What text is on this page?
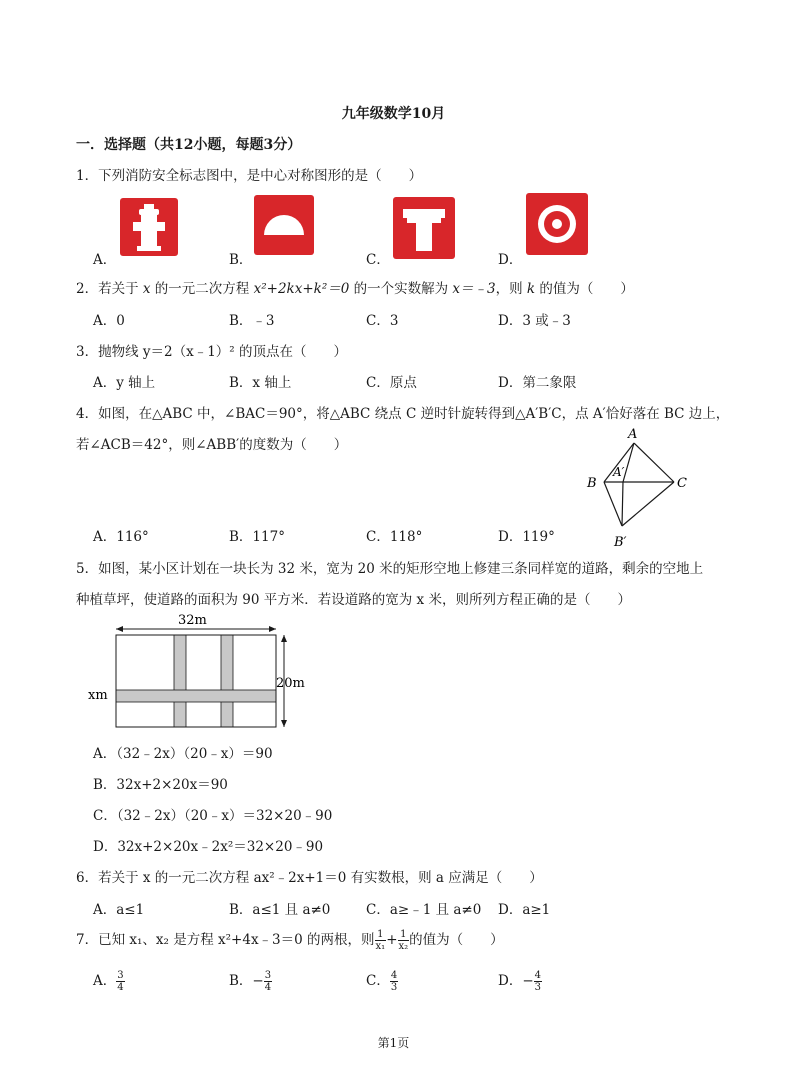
九年级数学10月
一．选择题（共12小题，每题3分）
1．下列消防安全标志图中，是中心对称图形的是（　　）
A．	B．	C．	D．
2．若关于 x 的一元二次方程 x²+2kx+k²＝0 的一个实数解为 x＝﹣3，则 k 的值为（　　）
A．0	B．﹣3	C．3	D．3 或﹣3
3．抛物线 y＝2（x﹣1）² 的顶点在（　　）
A．y 轴上	B．x 轴上	C．原点	D．第二象限
4．如图，在△ABC 中，∠BAC＝90°，将△ABC 绕点 C 逆时针旋转得到△A′B′C，点 A′恰好落在 BC 边上，
若∠ACB＝42°，则∠ABB′的度数为（　　）
A
A′
B	C
B′
A．116°	B．117°	C．118°	D．119°
5．如图，某小区计划在一块长为 32 米，宽为 20 米的矩形空地上修建三条同样宽的道路，剩余的空地上
种植草坪，使道路的面积为 90 平方米．若设道路的宽为 x 米，则所列方程正确的是（　　）
32m
20m
xm
A．（32﹣2x）（20﹣x）＝90
B．32x+2×20x＝90
C．（32﹣2x）（20﹣x）＝32×20﹣90
D．32x+2×20x﹣2x²＝32×20﹣90
6．若关于 x 的一元二次方程 ax²﹣2x+1＝0 有实数根，则 a 应满足（　　）
A．a≤1	B．a≤1 且 a≠0	C．a≥﹣1 且 a≠0 D．a≥1
7．已知 x₁、x₂ 是方程 x²+4x﹣3＝0 的两根，则 $\frac{1}{\text{x₁}} + \frac{1}{\text{x₂}}$ 的值为（　　）
A． $\frac{3}{4}$	B．− $\frac{3}{4}$	C． $\frac{4}{3}$	D．− $\frac{4}{3}$
第1页
